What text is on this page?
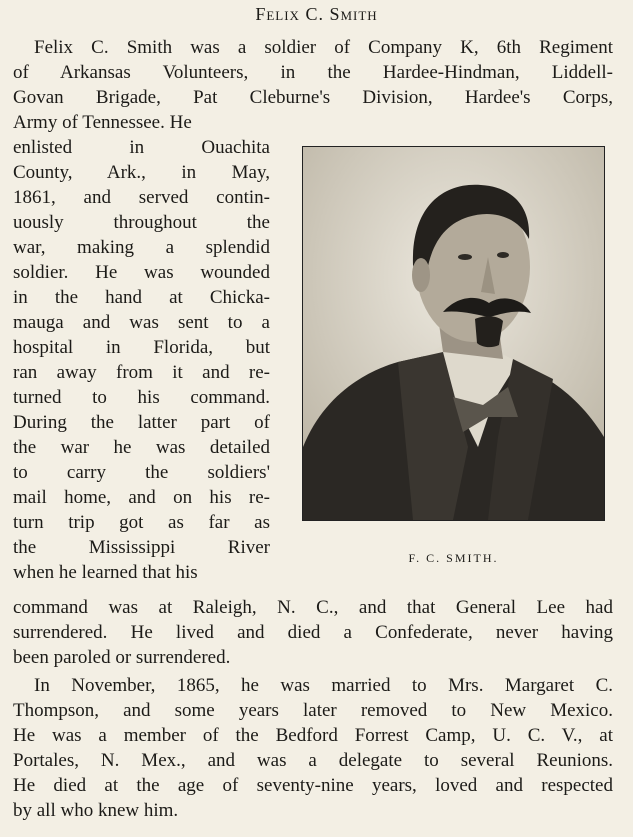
Felix C. Smith
Felix C. Smith was a soldier of Company K, 6th Regiment
of Arkansas Volunteers, in the Hardee-Hindman, Liddell-
Govan Brigade, Pat Cleburne's Division, Hardee's Corps,
Army of Tennessee. He
enlisted in Ouachita
County, Ark., in May,
1861, and served contin-
uously throughout the
war, making a splendid
soldier. He was wounded
in the hand at Chicka-
mauga and was sent to a
hospital in Florida, but
ran away from it and re-
turned to his command.
During the latter part of
the war he was detailed
to carry the soldiers'
mail home, and on his re-
turn trip got as far as
the Mississippi River
when he learned that his
command was at Raleigh, N. C., and that General Lee had
surrendered. He lived and died a Confederate, never having
been paroled or surrendered.
In November, 1865, he was married to Mrs. Margaret C.
Thompson, and some years later removed to New Mexico.
He was a member of the Bedford Forrest Camp, U. C. V., at
Portales, N. Mex., and was a delegate to several Reunions.
He died at the age of seventy-nine years, loved and respected
by all who knew him.
F. C. SMITH.
